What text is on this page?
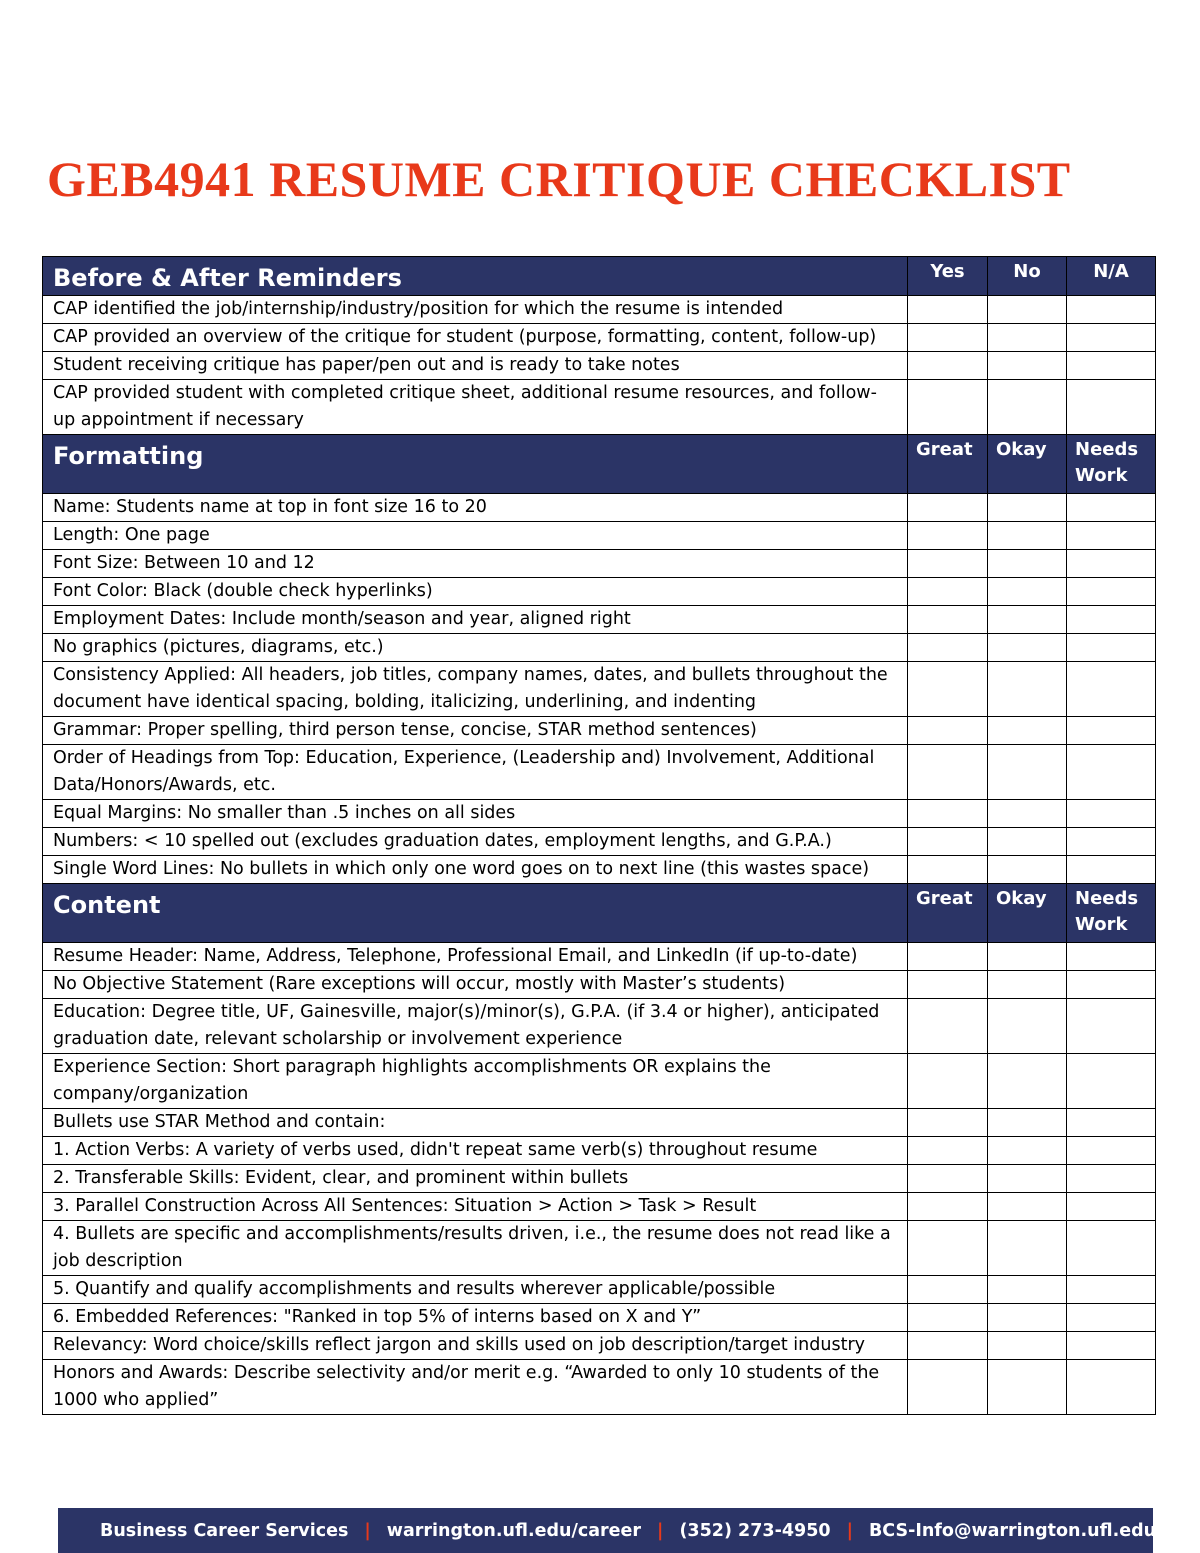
GEB4941 RESUME CRITIQUE CHECKLIST
Before & After Reminders	Yes	No	N/A
CAP identified the job/internship/industry/position for which the resume is intended			
CAP provided an overview of the critique for student (purpose, formatting, content, follow-up)			
Student receiving critique has paper/pen out and is ready to take notes			
CAP provided student with completed critique sheet, additional resume resources, and follow-up appointment if necessary			
Formatting	Great	Okay	Needs Work
Name: Students name at top in font size 16 to 20			
Length: One page			
Font Size: Between 10 and 12			
Font Color: Black (double check hyperlinks)			
Employment Dates: Include month/season and year, aligned right			
No graphics (pictures, diagrams, etc.)			
Consistency Applied: All headers, job titles, company names, dates, and bullets throughout the document have identical spacing, bolding, italicizing, underlining, and indenting			
Grammar: Proper spelling, third person tense, concise, STAR method sentences)			
Order of Headings from Top: Education, Experience, (Leadership and) Involvement, Additional Data/Honors/Awards, etc.			
Equal Margins: No smaller than .5 inches on all sides			
Numbers: < 10 spelled out (excludes graduation dates, employment lengths, and G.P.A.)			
Single Word Lines: No bullets in which only one word goes on to next line (this wastes space)			
Content	Great	Okay	Needs Work
Resume Header: Name, Address, Telephone, Professional Email, and LinkedIn (if up-to-date)			
No Objective Statement (Rare exceptions will occur, mostly with Master’s students)			
Education: Degree title, UF, Gainesville, major(s)/minor(s), G.P.A. (if 3.4 or higher), anticipated graduation date, relevant scholarship or involvement experience			
Experience Section: Short paragraph highlights accomplishments OR explains the company/organization			
Bullets use STAR Method and contain:			
1. Action Verbs: A variety of verbs used, didn't repeat same verb(s) throughout resume			
2. Transferable Skills: Evident, clear, and prominent within bullets			
3. Parallel Construction Across All Sentences: Situation > Action > Task > Result			
4. Bullets are specific and accomplishments/results driven, i.e., the resume does not read like a job description			
5. Quantify and qualify accomplishments and results wherever applicable/possible			
6. Embedded References: "Ranked in top 5% of interns based on X and Y”			
Relevancy: Word choice/skills reflect jargon and skills used on job description/target industry			
Honors and Awards: Describe selectivity and/or merit e.g. “Awarded to only 10 students of the 1000 who applied”			
Business Career Services | warrington.ufl.edu/career | (352) 273-4950 | BCS-Info@warrington.ufl.edu
